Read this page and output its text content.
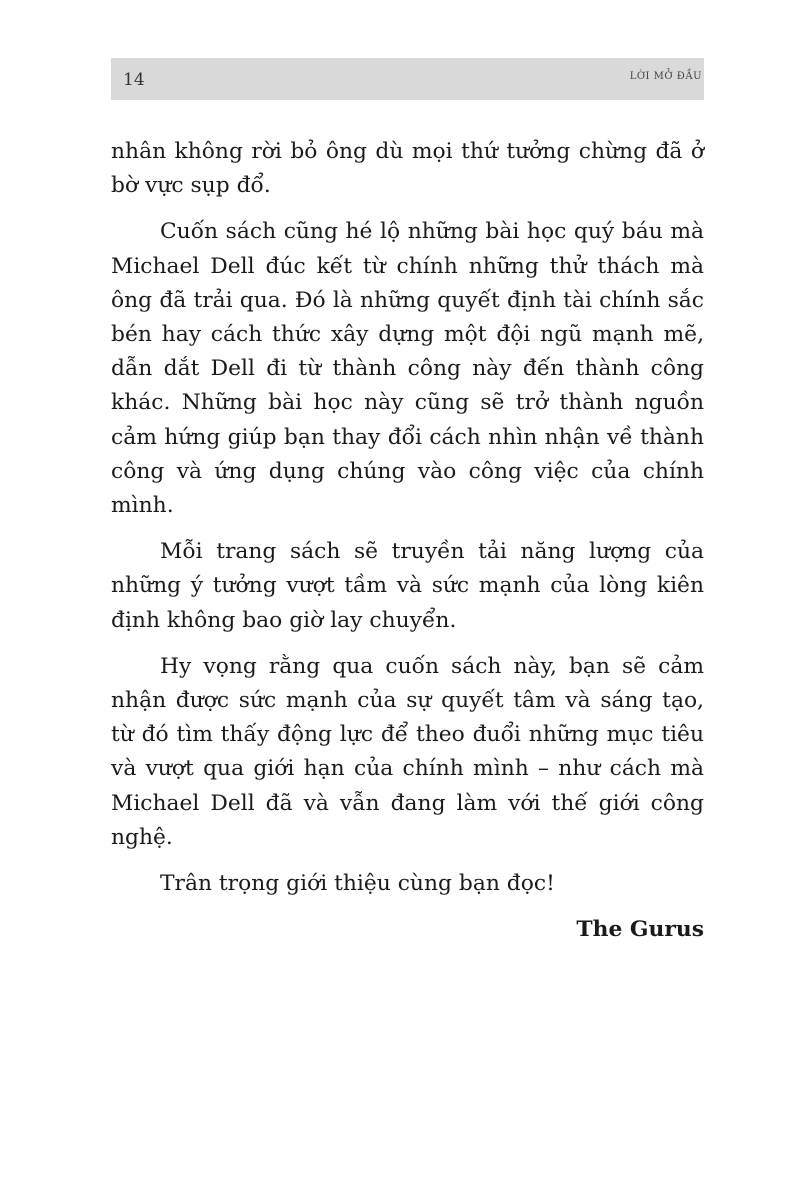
14	LỜI MỞ ĐẦU

nhân không rời bỏ ông dù mọi thứ tưởng chừng đã ở bờ vực sụp đổ.

Cuốn sách cũng hé lộ những bài học quý báu mà Michael Dell đúc kết từ chính những thử thách mà ông đã trải qua. Đó là những quyết định tài chính sắc bén hay cách thức xây dựng một đội ngũ mạnh mẽ, dẫn dắt Dell đi từ thành công này đến thành công khác. Những bài học này cũng sẽ trở thành nguồn cảm hứng giúp bạn thay đổi cách nhìn nhận về thành công và ứng dụng chúng vào công việc của chính mình.

Mỗi trang sách sẽ truyền tải năng lượng của những ý tưởng vượt tầm và sức mạnh của lòng kiên định không bao giờ lay chuyển.

Hy vọng rằng qua cuốn sách này, bạn sẽ cảm nhận được sức mạnh của sự quyết tâm và sáng tạo, từ đó tìm thấy động lực để theo đuổi những mục tiêu và vượt qua giới hạn của chính mình – như cách mà Michael Dell đã và vẫn đang làm với thế giới công nghệ.

Trân trọng giới thiệu cùng bạn đọc!

The Gurus
